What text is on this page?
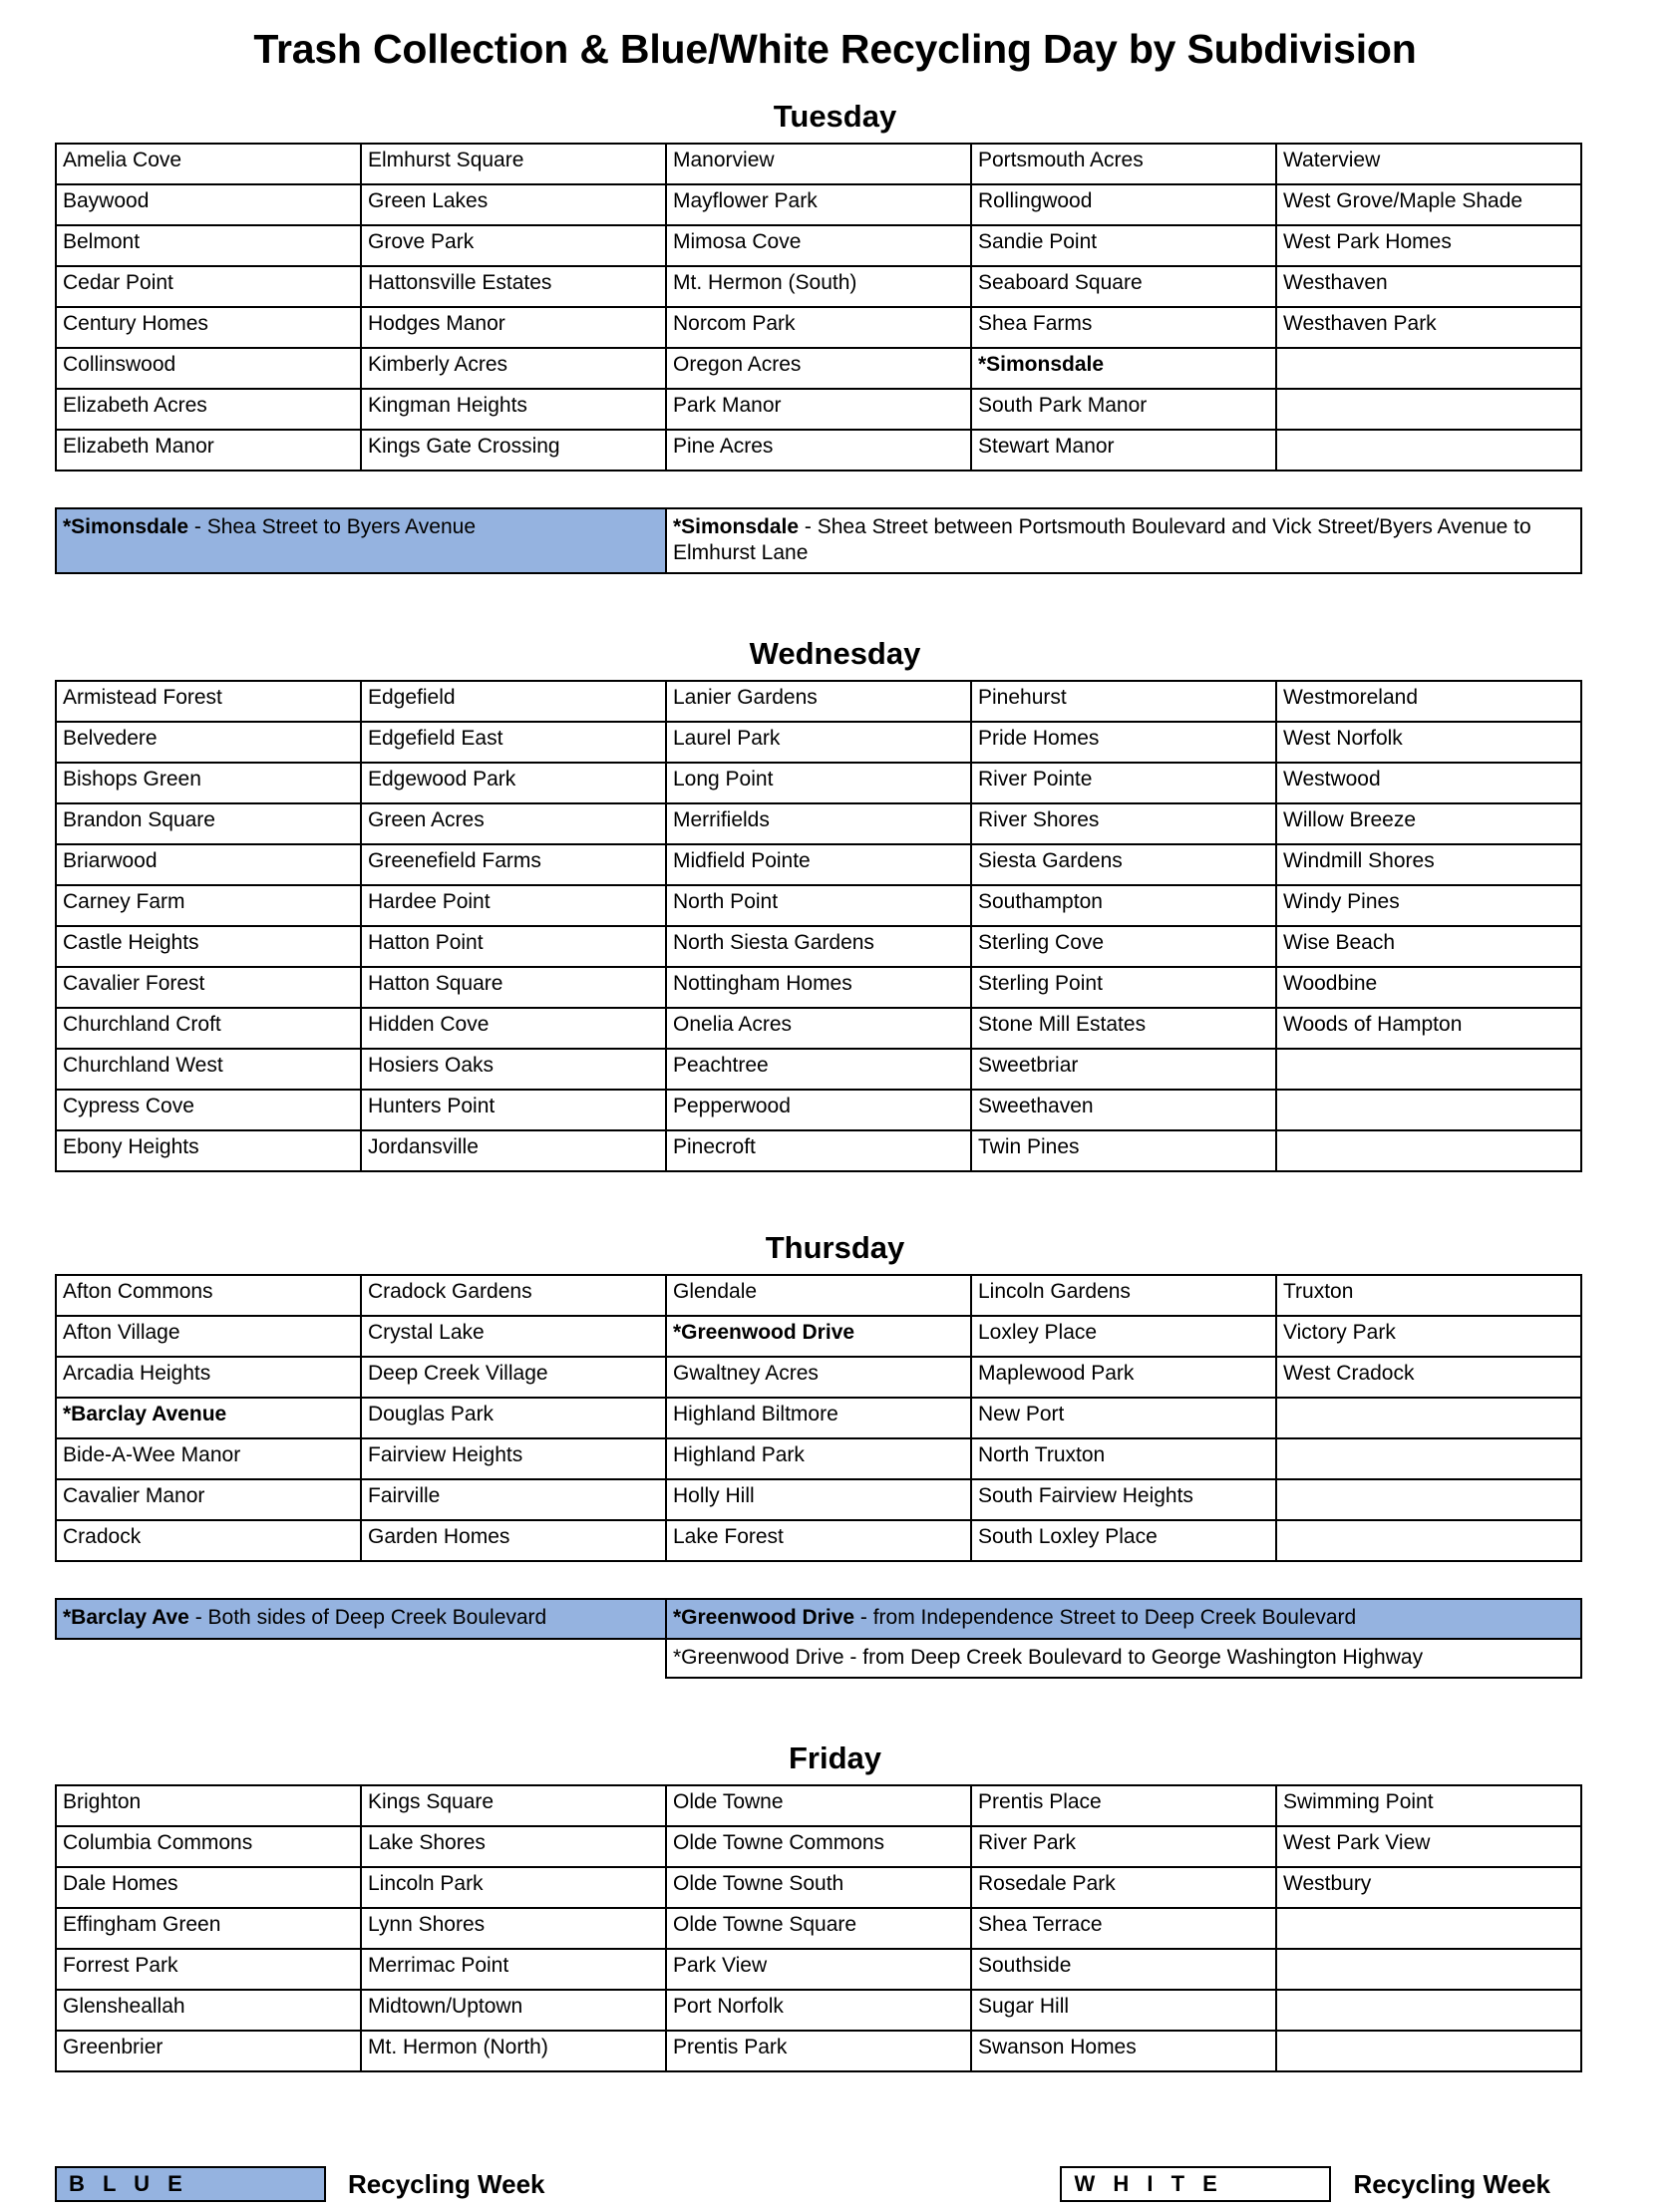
Trash Collection & Blue/White Recycling Day by Subdivision
Tuesday
Amelia Cove	Elmhurst Square	Manorview	Portsmouth Acres	Waterview
Baywood	Green Lakes	Mayflower Park	Rollingwood	West Grove/Maple Shade
Belmont	Grove Park	Mimosa Cove	Sandie Point	West Park Homes
Cedar Point	Hattonsville Estates	Mt. Hermon (South)	Seaboard Square	Westhaven
Century Homes	Hodges Manor	Norcom Park	Shea Farms	Westhaven Park
Collinswood	Kimberly Acres	Oregon Acres	*Simonsdale	
Elizabeth Acres	Kingman Heights	Park Manor	South Park Manor	
Elizabeth Manor	Kings Gate Crossing	Pine Acres	Stewart Manor	
*Simonsdale - Shea Street to Byers Avenue	*Simonsdale - Shea Street between Portsmouth Boulevard and Vick Street/Byers Avenue to Elmhurst Lane
Wednesday
Armistead Forest	Edgefield	Lanier Gardens	Pinehurst	Westmoreland
Belvedere	Edgefield East	Laurel Park	Pride Homes	West Norfolk
Bishops Green	Edgewood Park	Long Point	River Pointe	Westwood
Brandon Square	Green Acres	Merrifields	River Shores	Willow Breeze
Briarwood	Greenefield Farms	Midfield Pointe	Siesta Gardens	Windmill Shores
Carney Farm	Hardee Point	North Point	Southampton	Windy Pines
Castle Heights	Hatton Point	North Siesta Gardens	Sterling Cove	Wise Beach
Cavalier Forest	Hatton Square	Nottingham Homes	Sterling Point	Woodbine
Churchland Croft	Hidden Cove	Onelia Acres	Stone Mill Estates	Woods of Hampton
Churchland West	Hosiers Oaks	Peachtree	Sweetbriar	
Cypress Cove	Hunters Point	Pepperwood	Sweethaven	
Ebony Heights	Jordansville	Pinecroft	Twin Pines	
Thursday
Afton Commons	Cradock Gardens	Glendale	Lincoln Gardens	Truxton
Afton Village	Crystal Lake	*Greenwood Drive	Loxley Place	Victory Park
Arcadia Heights	Deep Creek Village	Gwaltney Acres	Maplewood Park	West Cradock
*Barclay Avenue	Douglas Park	Highland Biltmore	New Port	
Bide-A-Wee Manor	Fairview Heights	Highland Park	North Truxton	
Cavalier Manor	Fairville	Holly Hill	South Fairview Heights	
Cradock	Garden Homes	Lake Forest	South Loxley Place	
*Barclay Ave - Both sides of Deep Creek Boulevard	*Greenwood Drive - from Independence Street to Deep Creek Boulevard
	*Greenwood Drive - from Deep Creek Boulevard to George Washington Highway
Friday
Brighton	Kings Square	Olde Towne	Prentis Place	Swimming Point
Columbia Commons	Lake Shores	Olde Towne Commons	River Park	West Park View
Dale Homes	Lincoln Park	Olde Towne South	Rosedale Park	Westbury
Effingham Green	Lynn Shores	Olde Towne Square	Shea Terrace	
Forrest Park	Merrimac Point	Park View	Southside	
Glensheallah	Midtown/Uptown	Port Norfolk	Sugar Hill	
Greenbrier	Mt. Hermon (North)	Prentis Park	Swanson Homes	
B L U E	Recycling Week	W H I T E	Recycling Week
